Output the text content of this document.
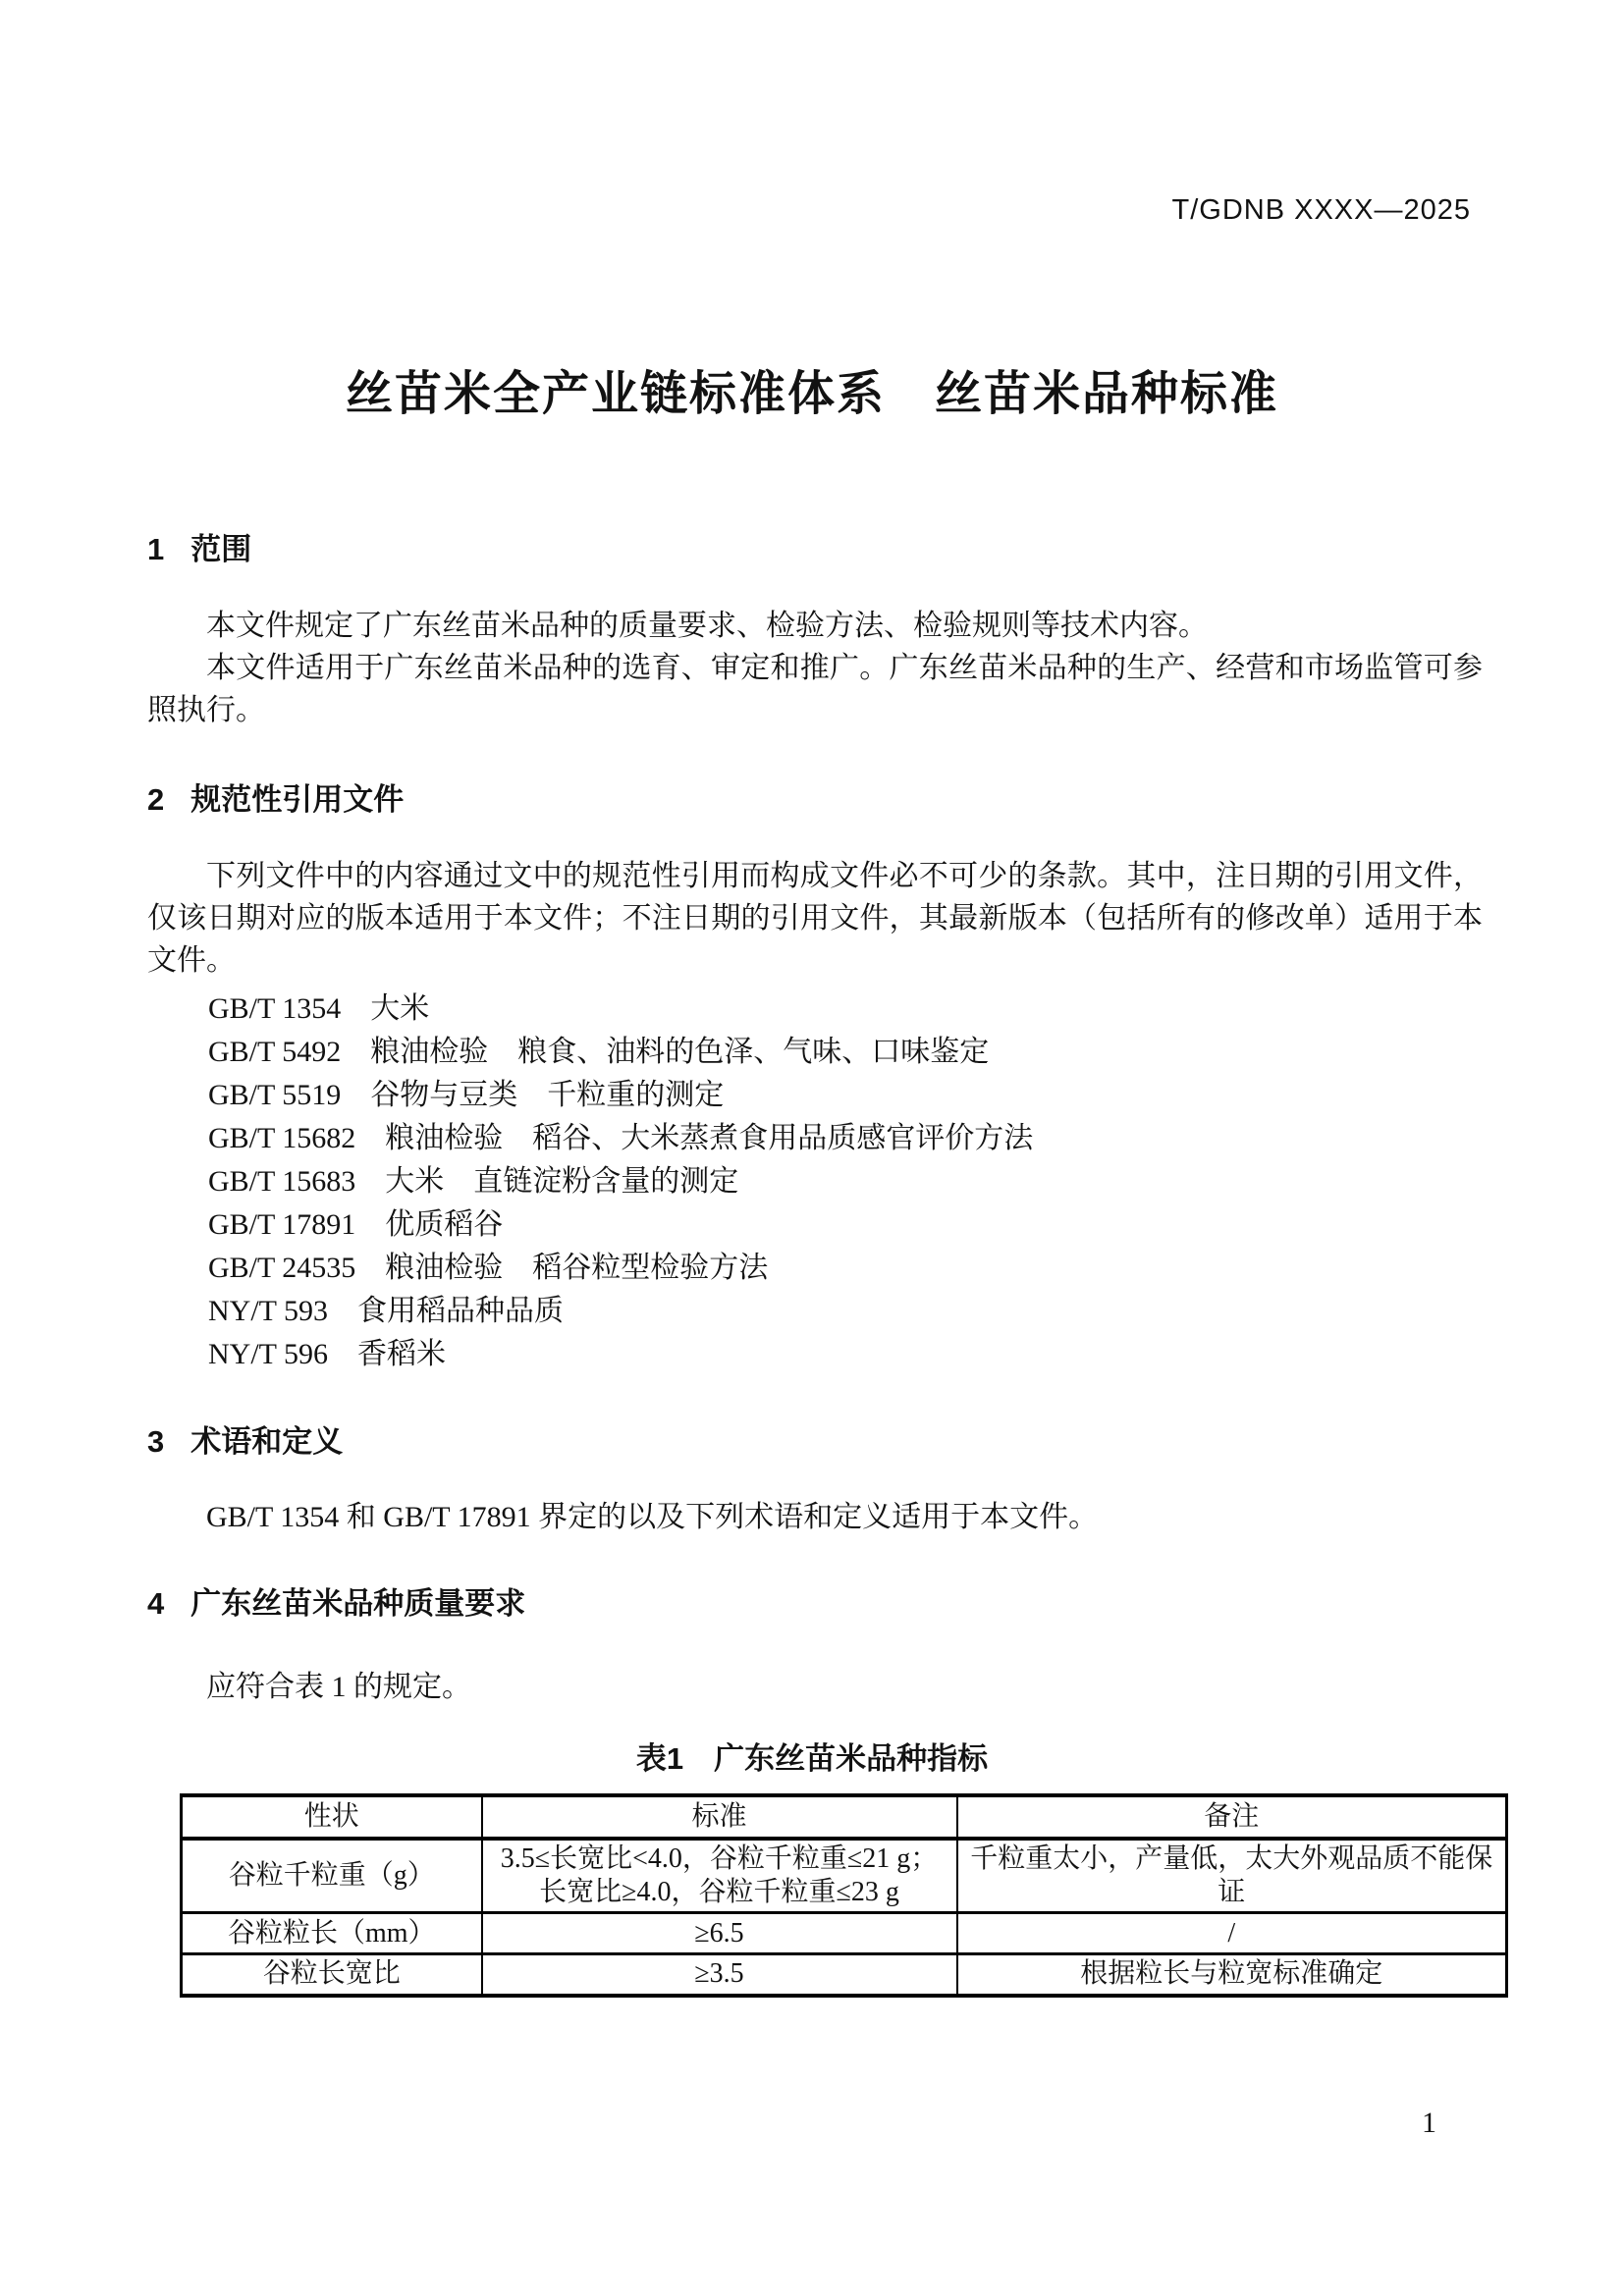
T/GDNB XXXX—2025
丝苗米全产业链标准体系　丝苗米品种标准
1 范围

本文件规定了广东丝苗米品种的质量要求、检验方法、检验规则等技术内容。

本文件适用于广东丝苗米品种的选育、审定和推广。广东丝苗米品种的生产、经营和市场监管可参照执行。

2 规范性引用文件

下列文件中的内容通过文中的规范性引用而构成文件必不可少的条款。其中，注日期的引用文件，仅该日期对应的版本适用于本文件；不注日期的引用文件，其最新版本（包括所有的修改单）适用于本文件。

GB/T 1354　大米
GB/T 5492　粮油检验　粮食、油料的色泽、气味、口味鉴定
GB/T 5519　谷物与豆类　千粒重的测定
GB/T 15682　粮油检验　稻谷、大米蒸煮食用品质感官评价方法
GB/T 15683　大米　直链淀粉含量的测定
GB/T 17891　优质稻谷
GB/T 24535　粮油检验　稻谷粒型检验方法
NY/T 593　食用稻品种品质
NY/T 596　香稻米
3 术语和定义

GB/T 1354 和 GB/T 17891 界定的以及下列术语和定义适用于本文件。

4 广东丝苗米品种质量要求

应符合表 1 的规定。

表1　广东丝苗米品种指标
性状	标准	备注
谷粒千粒重（g）	3.5≤长宽比<4.0，谷粒千粒重≤21 g；
长宽比≥4.0，谷粒千粒重≤23 g	千粒重太小，产量低，太大外观品质不能保证
谷粒粒长（mm）	≥6.5	/
谷粒长宽比	≥3.5	根据粒长与粒宽标准确定
1
